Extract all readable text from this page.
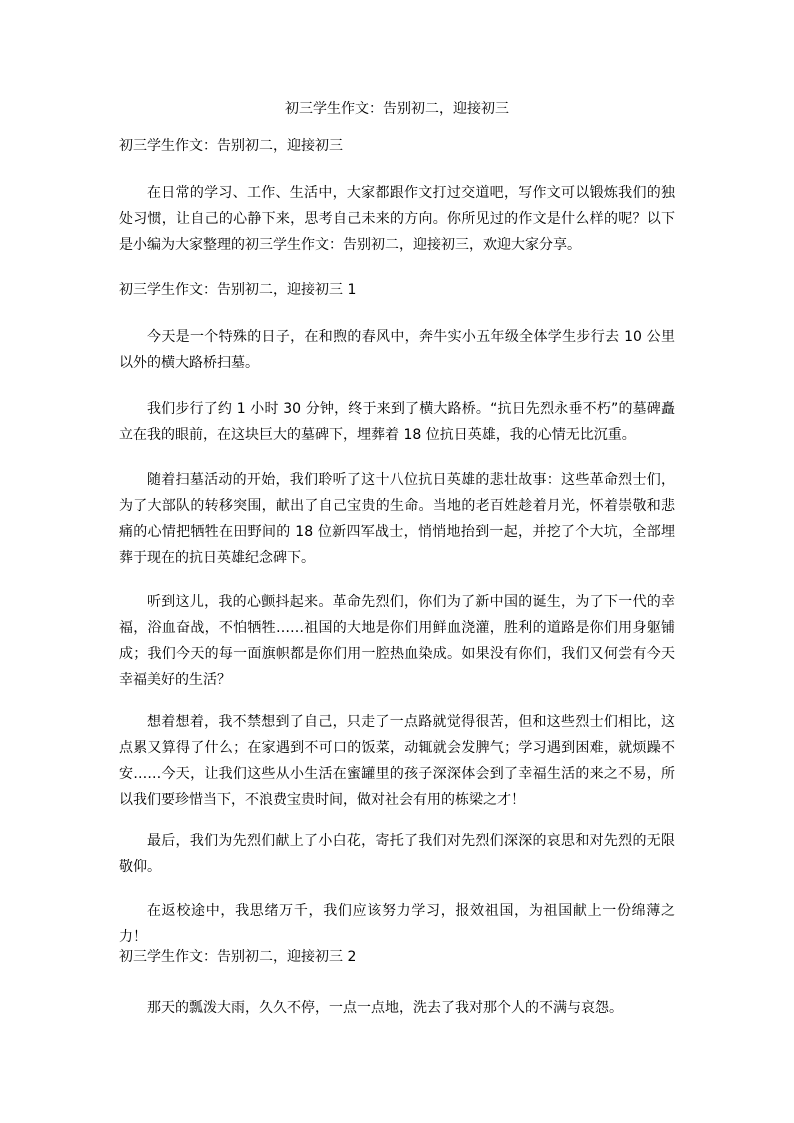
初三学生作文：告别初二，迎接初三
初三学生作文：告别初二，迎接初三

在日常的学习、工作、生活中，大家都跟作文打过交道吧，写作文可以锻炼我们的独处习惯，让自己的心静下来，思考自己未来的方向。你所见过的作文是什么样的呢？以下是小编为大家整理的初三学生作文：告别初二，迎接初三，欢迎大家分享。

初三学生作文：告别初二，迎接初三 1

今天是一个特殊的日子，在和煦的春风中，奔牛实小五年级全体学生步行去 10 公里以外的横大路桥扫墓。

我们步行了约 1 小时 30 分钟，终于来到了横大路桥。“抗日先烈永垂不朽”的墓碑矗立在我的眼前，在这块巨大的墓碑下，埋葬着 18 位抗日英雄，我的心情无比沉重。

随着扫墓活动的开始，我们聆听了这十八位抗日英雄的悲壮故事：这些革命烈士们，为了大部队的转移突围，献出了自己宝贵的生命。当地的老百姓趁着月光，怀着崇敬和悲痛的心情把牺牲在田野间的 18 位新四军战士，悄悄地抬到一起，并挖了个大坑，全部埋葬于现在的抗日英雄纪念碑下。

听到这儿，我的心颤抖起来。革命先烈们，你们为了新中国的诞生，为了下一代的幸福，浴血奋战，不怕牺牲……祖国的大地是你们用鲜血浇灌，胜利的道路是你们用身躯铺成；我们今天的每一面旗帜都是你们用一腔热血染成。如果没有你们，我们又何尝有今天幸福美好的生活？

想着想着，我不禁想到了自己，只走了一点路就觉得很苦，但和这些烈士们相比，这点累又算得了什么；在家遇到不可口的饭菜，动辄就会发脾气；学习遇到困难，就烦躁不安……今天，让我们这些从小生活在蜜罐里的孩子深深体会到了幸福生活的来之不易，所以我们要珍惜当下，不浪费宝贵时间，做对社会有用的栋梁之才！

最后，我们为先烈们献上了小白花，寄托了我们对先烈们深深的哀思和对先烈的无限敬仰。

在返校途中，我思绪万千，我们应该努力学习，报效祖国，为祖国献上一份绵薄之力！

初三学生作文：告别初二，迎接初三 2

那天的瓢泼大雨，久久不停，一点一点地，洗去了我对那个人的不满与哀怨。
